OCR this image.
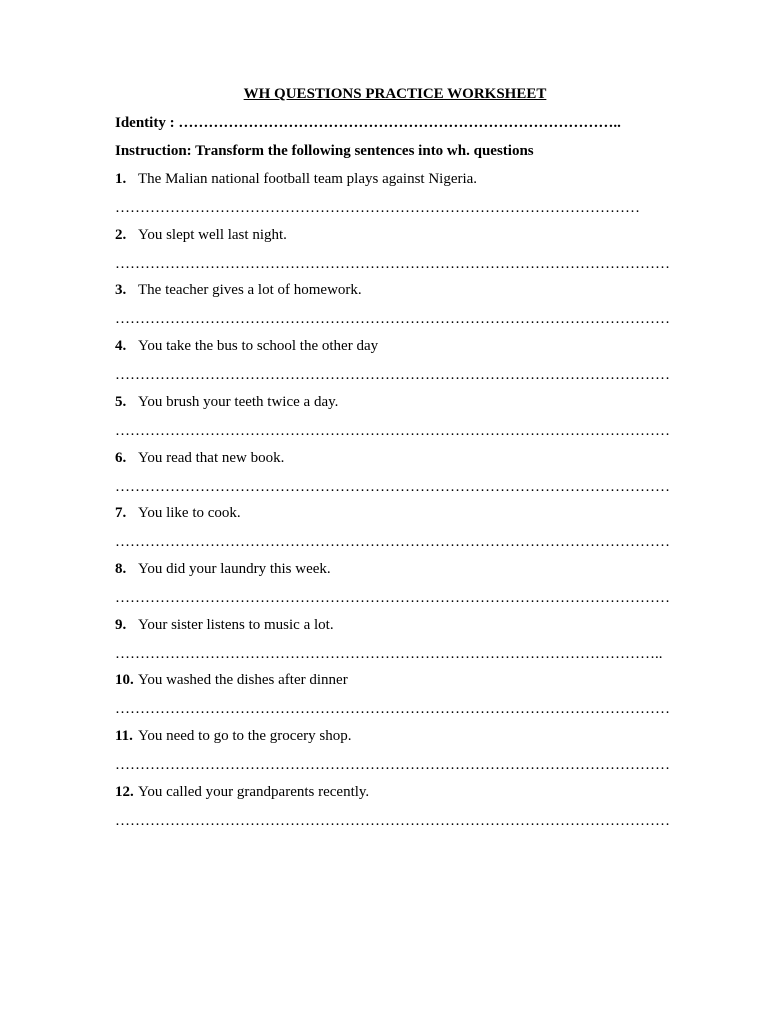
WH QUESTIONS PRACTICE WORKSHEET
Identity : ……………………………………………………………………………..
Instruction: Transform the following sentences into wh. questions
1. The Malian national football team plays against Nigeria.
……………………………………………………………………………………………
2. You slept well last night.
…………………………………………………………………………………………………
3. The teacher gives a lot of homework.
…………………………………………………………………………………………………
4. You take the bus to school the other day
…………………………………………………………………………………………………
5. You brush your teeth twice a day.
…………………………………………………………………………………………………
6. You read that new book.
…………………………………………………………………………………………………
7. You like to cook.
…………………………………………………………………………………………………
8. You did your laundry this week.
…………………………………………………………………………………………………
9. Your sister listens to music a lot.
………………………………………………………………………………………………..
10. You washed the dishes after dinner
…………………………………………………………………………………………………
11. You need to go to the grocery shop.
…………………………………………………………………………………………………
12. You called your grandparents recently.
…………………………………………………………………………………………………
